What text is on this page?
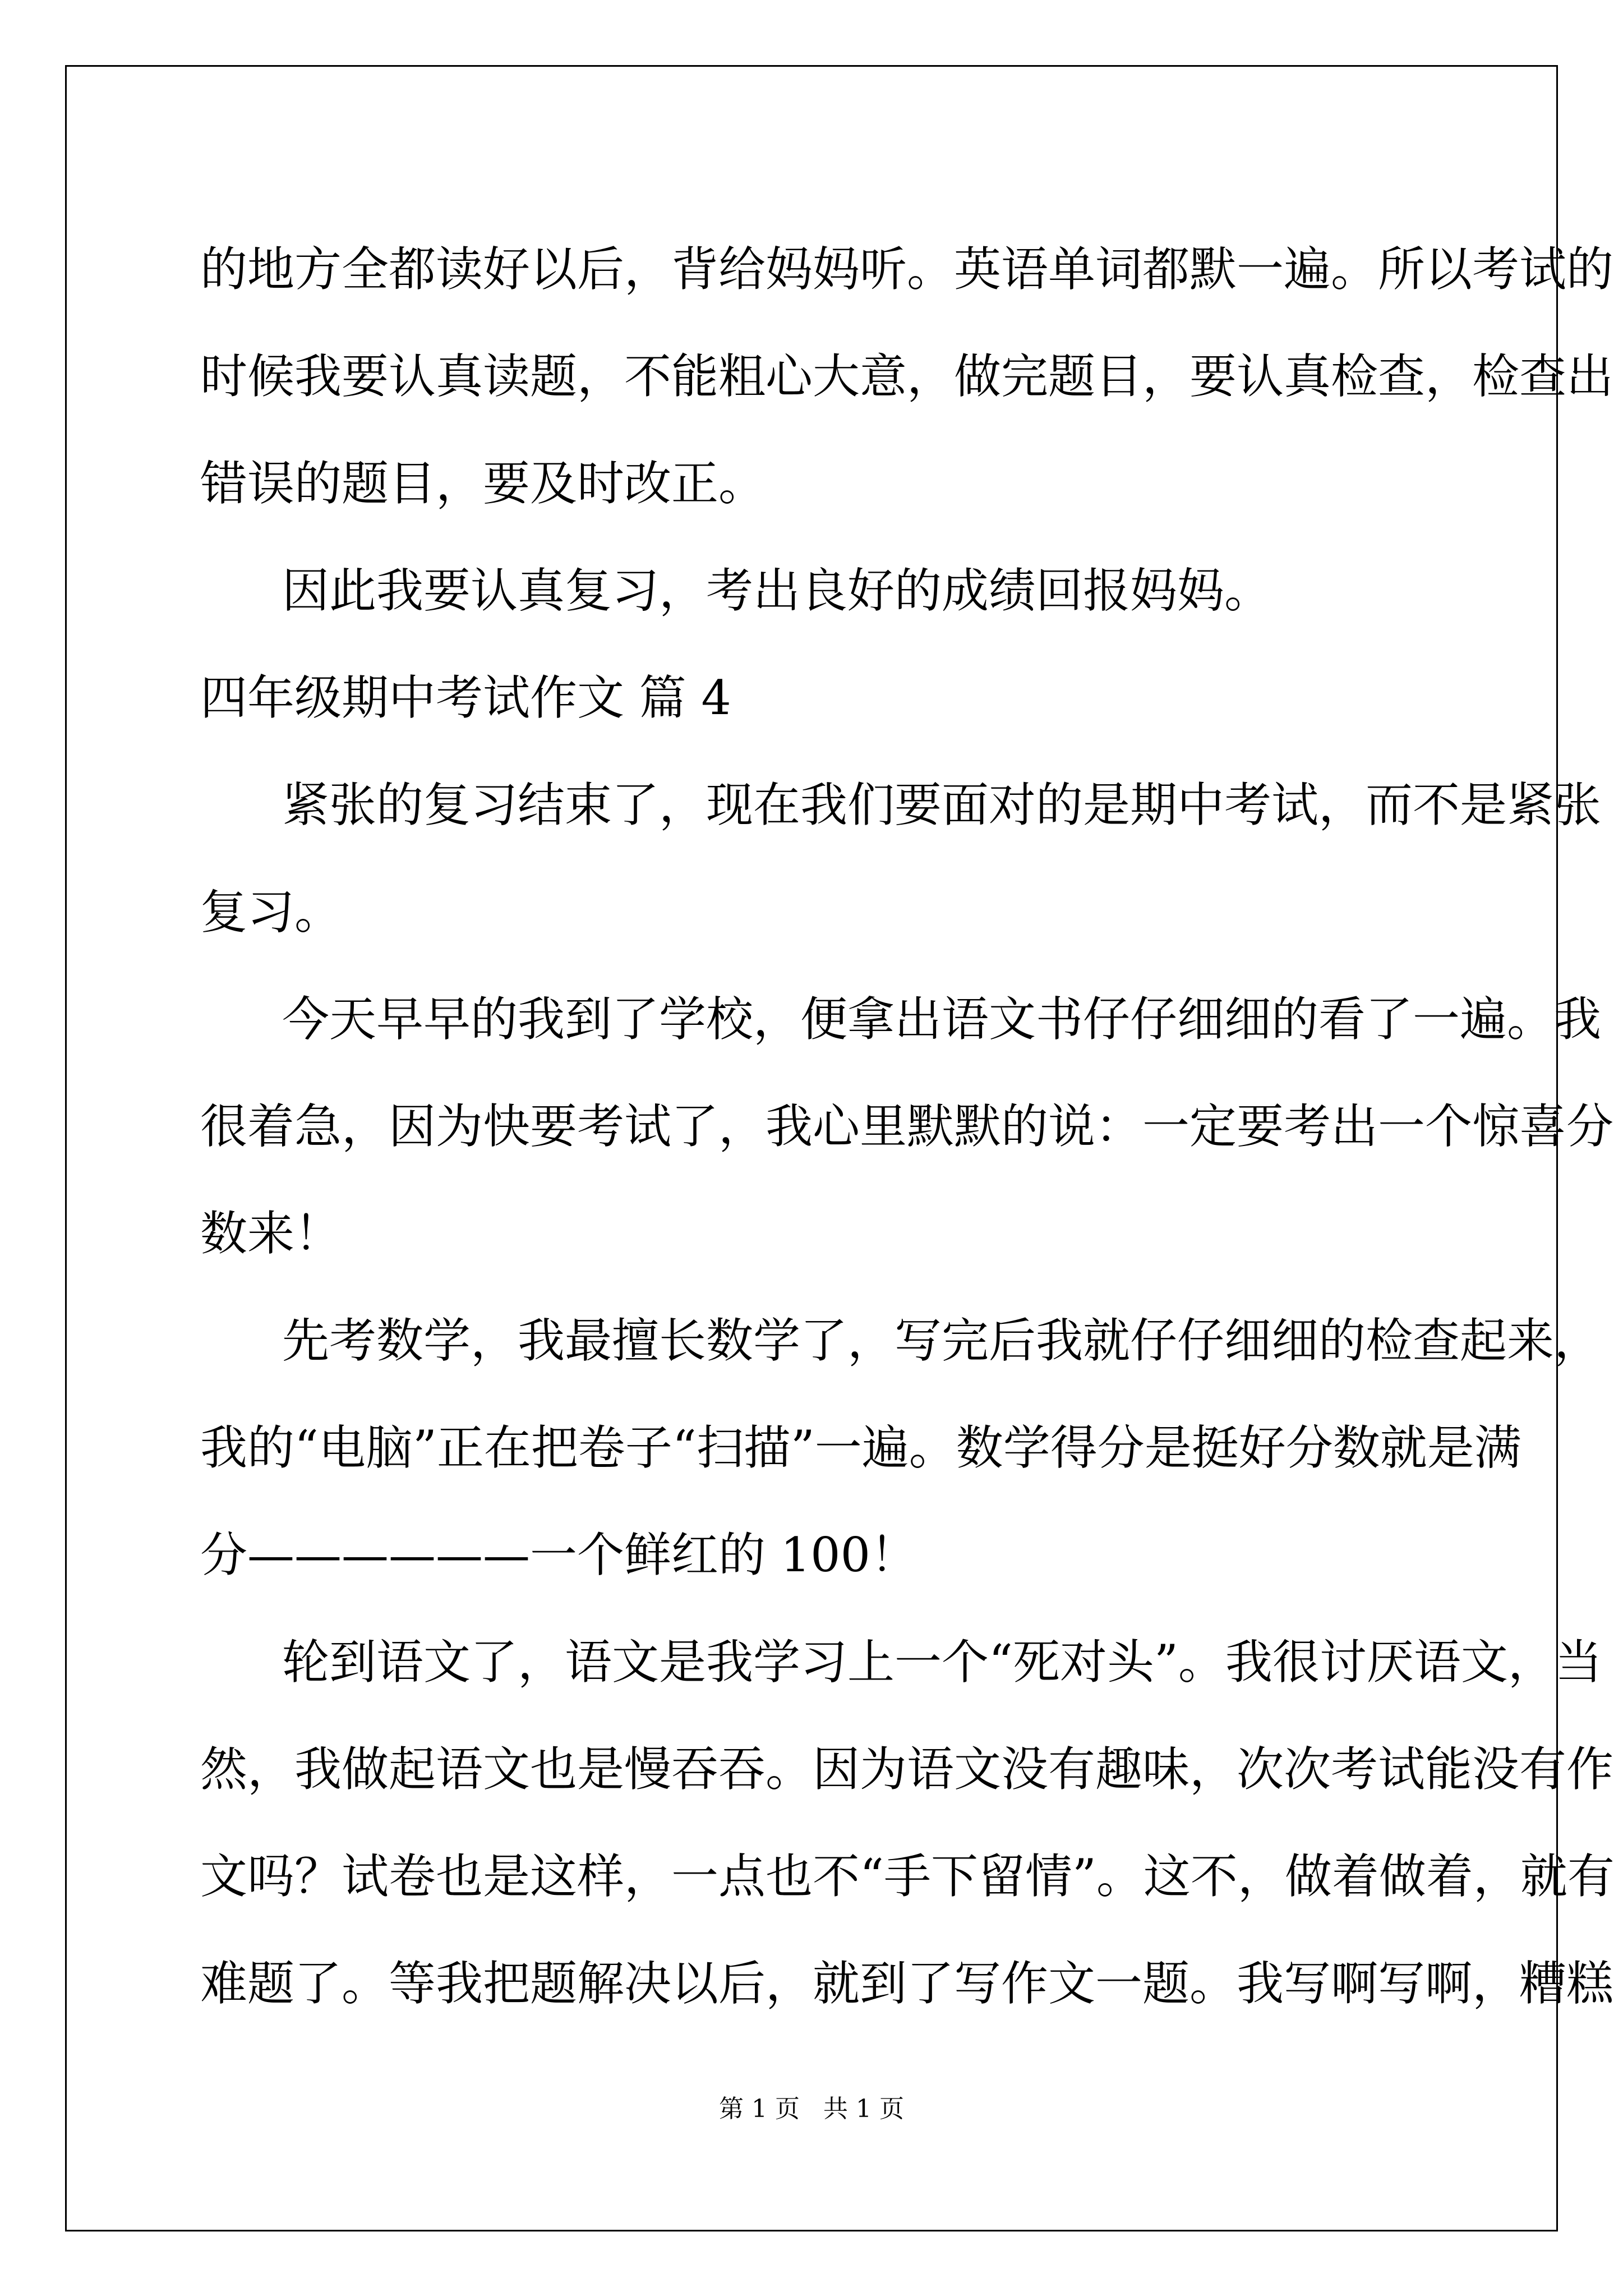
的地方全都读好以后，背给妈妈听。英语单词都默一遍。所以考试的
时候我要认真读题，不能粗心大意，做完题目，要认真检查，检查出
错误的题目，要及时改正。
因此我要认真复习，考出良好的成绩回报妈妈。
四年级期中考试作文 篇 4
紧张的复习结束了，现在我们要面对的是期中考试，而不是紧张
复习。
今天早早的我到了学校，便拿出语文书仔仔细细的看了一遍。我
很着急，因为快要考试了，我心里默默的说：一定要考出一个惊喜分
数来！
先考数学，我最擅长数学了，写完后我就仔仔细细的检查起来，
我的“电脑”正在把卷子“扫描”一遍。数学得分是挺好分数就是满
分——————一个鲜红的 100！
轮到语文了，语文是我学习上一个“死对头”。我很讨厌语文，当
然，我做起语文也是慢吞吞。因为语文没有趣味，次次考试能没有作
文吗？试卷也是这样，一点也不“手下留情”。这不，做着做着，就有
难题了。等我把题解决以后，就到了写作文一题。我写啊写啊，糟糕
第 1 页 共 1 页
